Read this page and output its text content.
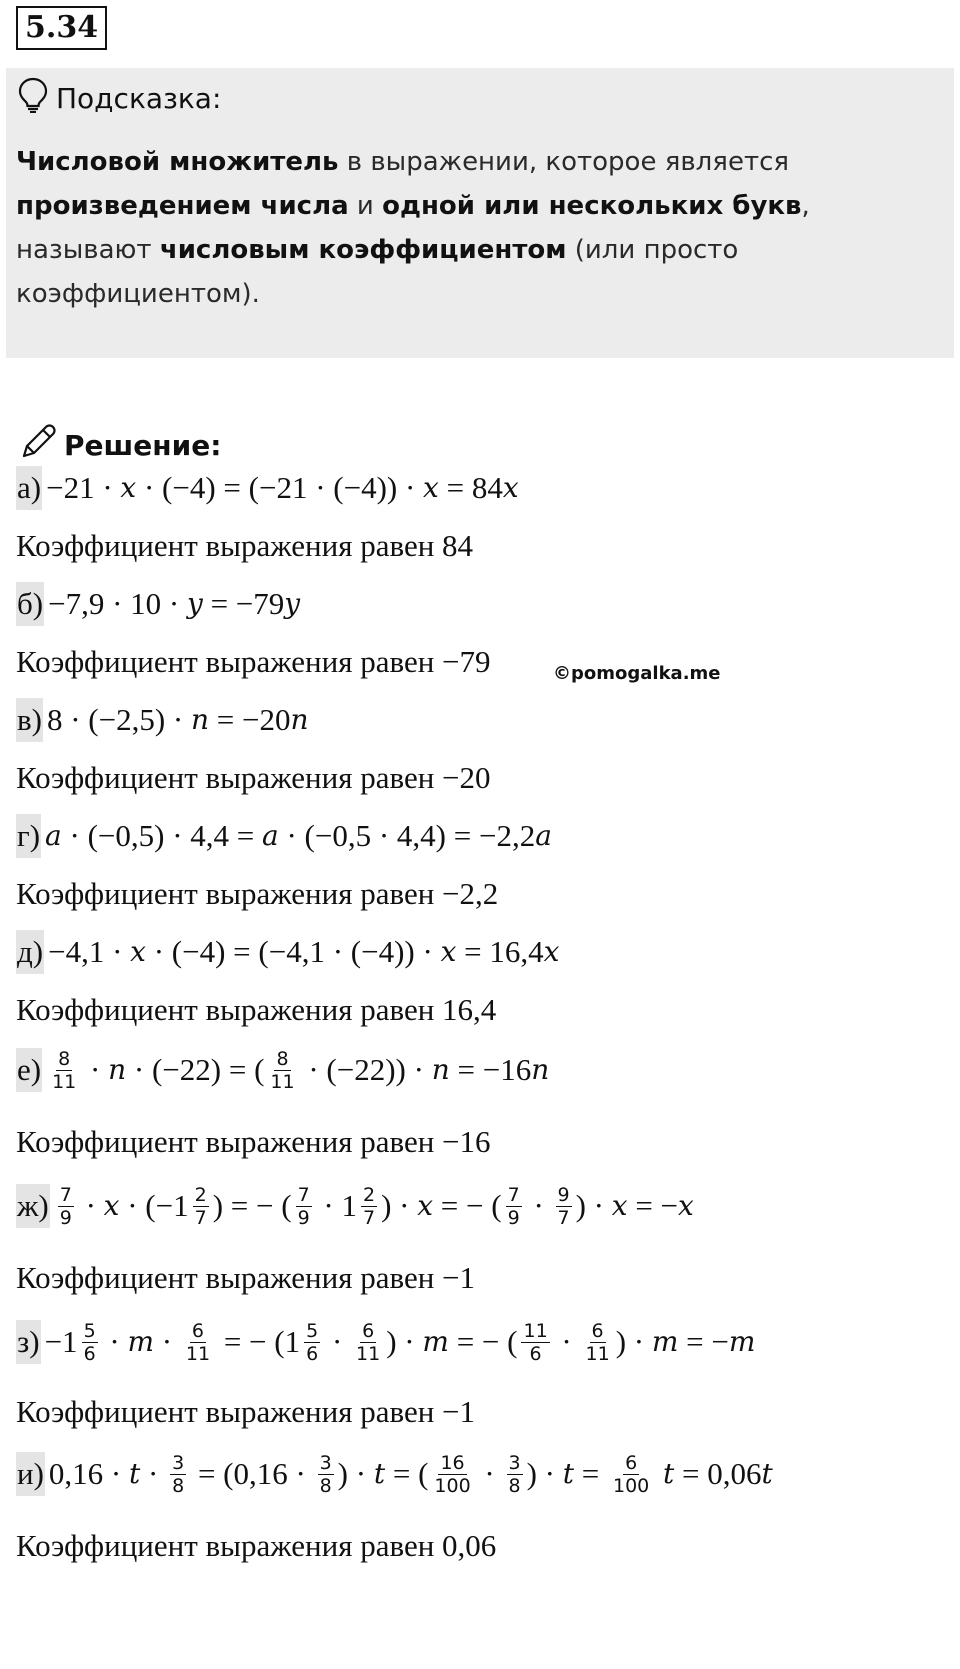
5.34
Подсказка:
Числовой множитель в выражении, которое является произведением числа и одной или нескольких букв, называют числовым коэффициентом (или просто коэффициентом).
Решение:
а) −21 · x · (−4) = (−21 · (−4)) · x = 84 x
Коэффициент выражения равен 84
б) −7,9 · 10 · y = −79 y
Коэффициент выражения равен −79
в) 8 · (−2,5) · n = −20 n
Коэффициент выражения равен −20
г) a · (−0,5) · 4,4 = a · (−0,5 · 4,4) = −2,2 a
Коэффициент выражения равен −2,2
д) −4,1 · x · (−4) = (−4,1 · (−4)) · x = 16,4 x
Коэффициент выражения равен 16,4
$е) \frac{8}{11} \cdot n \cdot (-22)$ = ( $\frac{8}{11} \cdot (-22)) \cdot n = -16$ n
Коэффициент выражения равен −16
$ж) \frac{7}{9} \cdot x \cdot (-1 \frac{2}{7}$ ) = − ( $\frac{7}{9} \cdot 1 \frac{2}{7}$ ) · x = − ( $\frac{7}{9} \cdot \frac{9}{7}$ ) · x = − x
Коэффициент выражения равен −1
$з) -1 \frac{5}{6} \cdot m \cdot \frac{6}{11}$ = − ($1 \frac{5}{6} \cdot \frac{6}{11}$ ) · m = − ( $\frac{11}{6} \cdot \frac{6}{11}$ ) · m = − m
Коэффициент выражения равен −1
и) $0,16 \cdot t \cdot \frac{3}{8} = (0,16 \cdot \frac{3}{8}$ ) · t = ( $\frac{16}{100} \cdot \frac{3}{8}$ ) · $t = \frac{6}{100}$
t = 0,06 t
Коэффициент выражения равен 0,06
©pomogalka.me
